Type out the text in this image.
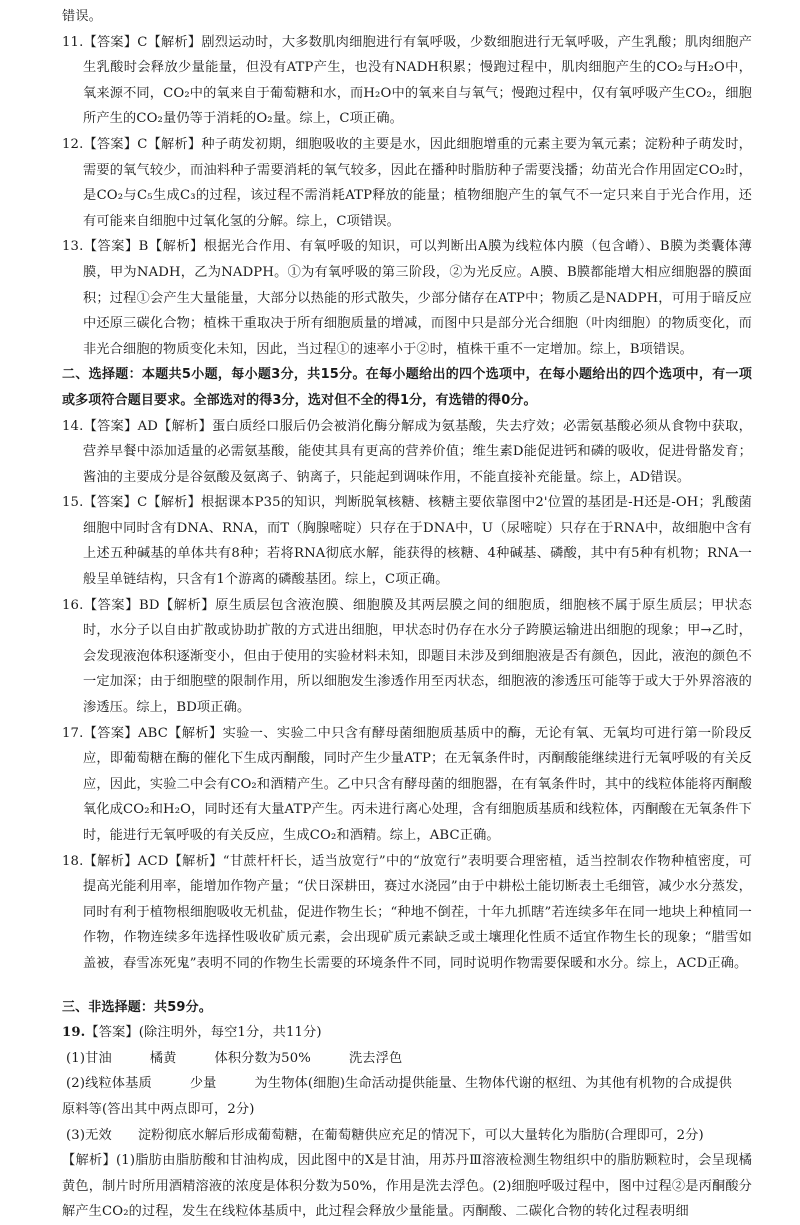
错误。

11.【答案】C【解析】剧烈运动时，大多数肌肉细胞进行有氧呼吸，少数细胞进行无氧呼吸，产生乳酸；肌肉细胞产生乳酸时会释放少量能量，但没有ATP产生，也没有NADH积累；慢跑过程中，肌肉细胞产生的CO₂与H₂O中，氧来源不同，CO₂中的氧来自于葡萄糖和水，而H₂O中的氧来自与氧气；慢跑过程中，仅有氧呼吸产生CO₂，细胞所产生的CO₂量仍等于消耗的O₂量。综上，C项正确。

12.【答案】C【解析】种子萌发初期，细胞吸收的主要是水，因此细胞增重的元素主要为氧元素；淀粉种子萌发时，需要的氧气较少，而油料种子需要消耗的氧气较多，因此在播种时脂肪种子需要浅播；幼苗光合作用固定CO₂时，是CO₂与C₅生成C₃的过程，该过程不需消耗ATP释放的能量；植物细胞产生的氧气不一定只来自于光合作用，还有可能来自细胞中过氧化氢的分解。综上，C项错误。

13.【答案】B【解析】根据光合作用、有氧呼吸的知识，可以判断出A膜为线粒体内膜（包含嵴）、B膜为类囊体薄膜，甲为NADH，乙为NADPH。①为有氧呼吸的第三阶段，②为光反应。A膜、B膜都能增大相应细胞器的膜面积；过程①会产生大量能量，大部分以热能的形式散失，少部分储存在ATP中；物质乙是NADPH，可用于暗反应中还原三碳化合物；植株干重取决于所有细胞质量的增减，而图中只是部分光合细胞（叶肉细胞）的物质变化，而非光合细胞的物质变化未知，因此，当过程①的速率小于②时，植株干重不一定增加。综上，B项错误。

二、选择题：本题共5小题，每小题3分，共15分。在每小题给出的四个选项中，在每小题给出的四个选项中，有一项或多项符合题目要求。全部选对的得3分，选对但不全的得1分，有选错的得0分。

14.【答案】AD【解析】蛋白质经口服后仍会被消化酶分解成为氨基酸，失去疗效；必需氨基酸必须从食物中获取，营养早餐中添加适量的必需氨基酸，能使其具有更高的营养价值；维生素D能促进钙和磷的吸收，促进骨骼发育；酱油的主要成分是谷氨酸及氨离子、钠离子，只能起到调味作用，不能直接补充能量。综上，AD错误。

15.【答案】C【解析】根据课本P35的知识，判断脱氧核糖、核糖主要依靠图中2'位置的基团是-H还是-OH；乳酸菌细胞中同时含有DNA、RNA，而T（胸腺嘧啶）只存在于DNA中，U（尿嘧啶）只存在于RNA中，故细胞中含有上述五种碱基的单体共有8种；若将RNA彻底水解，能获得的核糖、4种碱基、磷酸，其中有5种有机物；RNA一般呈单链结构，只含有1个游离的磷酸基团。综上，C项正确。

16.【答案】BD【解析】原生质层包含液泡膜、细胞膜及其两层膜之间的细胞质，细胞核不属于原生质层；甲状态时，水分子以自由扩散或协助扩散的方式进出细胞，甲状态时仍存在水分子跨膜运输进出细胞的现象；甲→乙时，会发现液泡体积逐渐变小，但由于使用的实验材料未知，即题目未涉及到细胞液是否有颜色，因此，液泡的颜色不一定加深；由于细胞壁的限制作用，所以细胞发生渗透作用至丙状态，细胞液的渗透压可能等于或大于外界溶液的渗透压。综上，BD项正确。

17.【答案】ABC【解析】实验一、实验二中只含有酵母菌细胞质基质中的酶，无论有氧、无氧均可进行第一阶段反应，即葡萄糖在酶的催化下生成丙酮酸，同时产生少量ATP；在无氧条件时，丙酮酸能继续进行无氧呼吸的有关反应，因此，实验二中会有CO₂和酒精产生。乙中只含有酵母菌的细胞器，在有氧条件时，其中的线粒体能将丙酮酸氧化成CO₂和H₂O，同时还有大量ATP产生。丙未进行离心处理，含有细胞质基质和线粒体，丙酮酸在无氧条件下时，能进行无氧呼吸的有关反应，生成CO₂和酒精。综上，ABC正确。

18.【解析】ACD【解析】“甘蔗杆杆长，适当放宽行”中的“放宽行”表明要合理密植，适当控制农作物种植密度，可提高光能利用率，能增加作物产量；“伏日深耕田，赛过水浇园”由于中耕松土能切断表土毛细管，减少水分蒸发，同时有利于植物根细胞吸收无机盐，促进作物生长；“种地不倒茬，十年九抓瞎”若连续多年在同一地块上种植同一作物，作物连续多年选择性吸收矿质元素，会出现矿质元素缺乏或土壤理化性质不适宜作物生长的现象；“腊雪如盖被，春雪冻死鬼”表明不同的作物生长需要的环境条件不同，同时说明作物需要保暖和水分。综上，ACD正确。

三、非选择题：共59分。

19.【答案】(除注明外，每空1分，共11分)

(1)甘油	橘黄	体积分数为50%	洗去浮色

(2)线粒体基质	少量	为生物体(细胞)生命活动提供能量、生物体代谢的枢纽、为其他有机物的合成提供

原料等(答出其中两点即可，2分)

(3)无效 淀粉彻底水解后形成葡萄糖，在葡萄糖供应充足的情况下，可以大量转化为脂肪(合理即可，2分)

【解析】(1)脂肪由脂肪酸和甘油构成，因此图中的X是甘油，用苏丹Ⅲ溶液检测生物组织中的脂肪颗粒时，会呈现橘黄色，制片时所用酒精溶液的浓度是体积分数为50%，作用是洗去浮色。(2)细胞呼吸过程中，图中过程②是丙酮酸分解产生CO₂的过程，发生在线粒体基质中，此过程会释放少量能量。丙酮酸、二碳化合物的转化过程表明细
